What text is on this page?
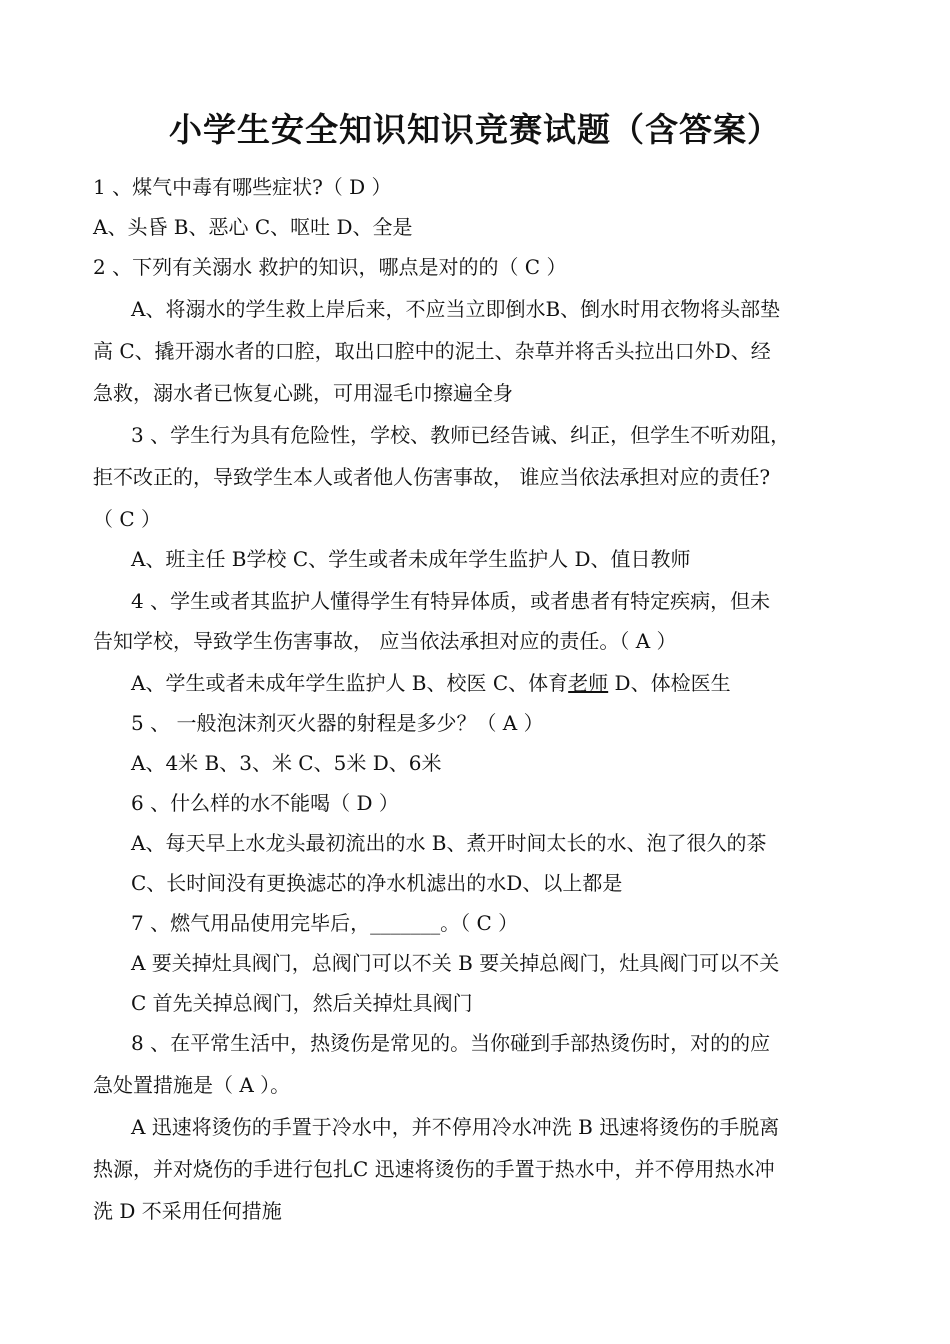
小学生安全知识知识竞赛试题（含答案）
1 、煤气中毒有哪些症状?（ D ）
A、头昏 B、恶心 C、呕吐 D、全是
2 、下列有关溺水 救护的知识，哪点是对的的（ C ）
A、将溺水的学生救上岸后来，不应当立即倒水B、倒水时用衣物将头部垫
高 C、撬开溺水者的口腔，取出口腔中的泥土、杂草并将舌头拉出口外D、经
急救，溺水者已恢复心跳，可用湿毛巾擦遍全身
3 、学生行为具有危险性，学校、教师已经告诫、纠正，但学生不听劝阻，
拒不改正的，导致学生本人或者他人伤害事故， 谁应当依法承担对应的责任?
（ C ）
A、班主任 B学校 C、学生或者未成年学生监护人 D、值日教师
4 、学生或者其监护人懂得学生有特异体质，或者患者有特定疾病，但未
告知学校，导致学生伤害事故， 应当依法承担对应的责任。（ A ）
A、学生或者未成年学生监护人 B、校医 C、体育老师 D、体检医生
5 、 一般泡沫剂灭火器的射程是多少？（ A ）
A、4米 B、3、米 C、5米 D、6米
6 、什么样的水不能喝（ D ）
A、每天早上水龙头最初流出的水 B、煮开时间太长的水、泡了很久的茶
C、长时间没有更换滤芯的净水机滤出的水D、以上都是
7 、燃气用品使用完毕后，_______。（ C ）
A 要关掉灶具阀门，总阀门可以不关 B 要关掉总阀门，灶具阀门可以不关
C 首先关掉总阀门，然后关掉灶具阀门
8 、在平常生活中，热烫伤是常见的。当你碰到手部热烫伤时，对的的应
急处置措施是（ A ）。
A 迅速将烫伤的手置于冷水中，并不停用冷水冲洗 B 迅速将烫伤的手脱离
热源，并对烧伤的手进行包扎C 迅速将烫伤的手置于热水中，并不停用热水冲
洗 D 不采用任何措施
